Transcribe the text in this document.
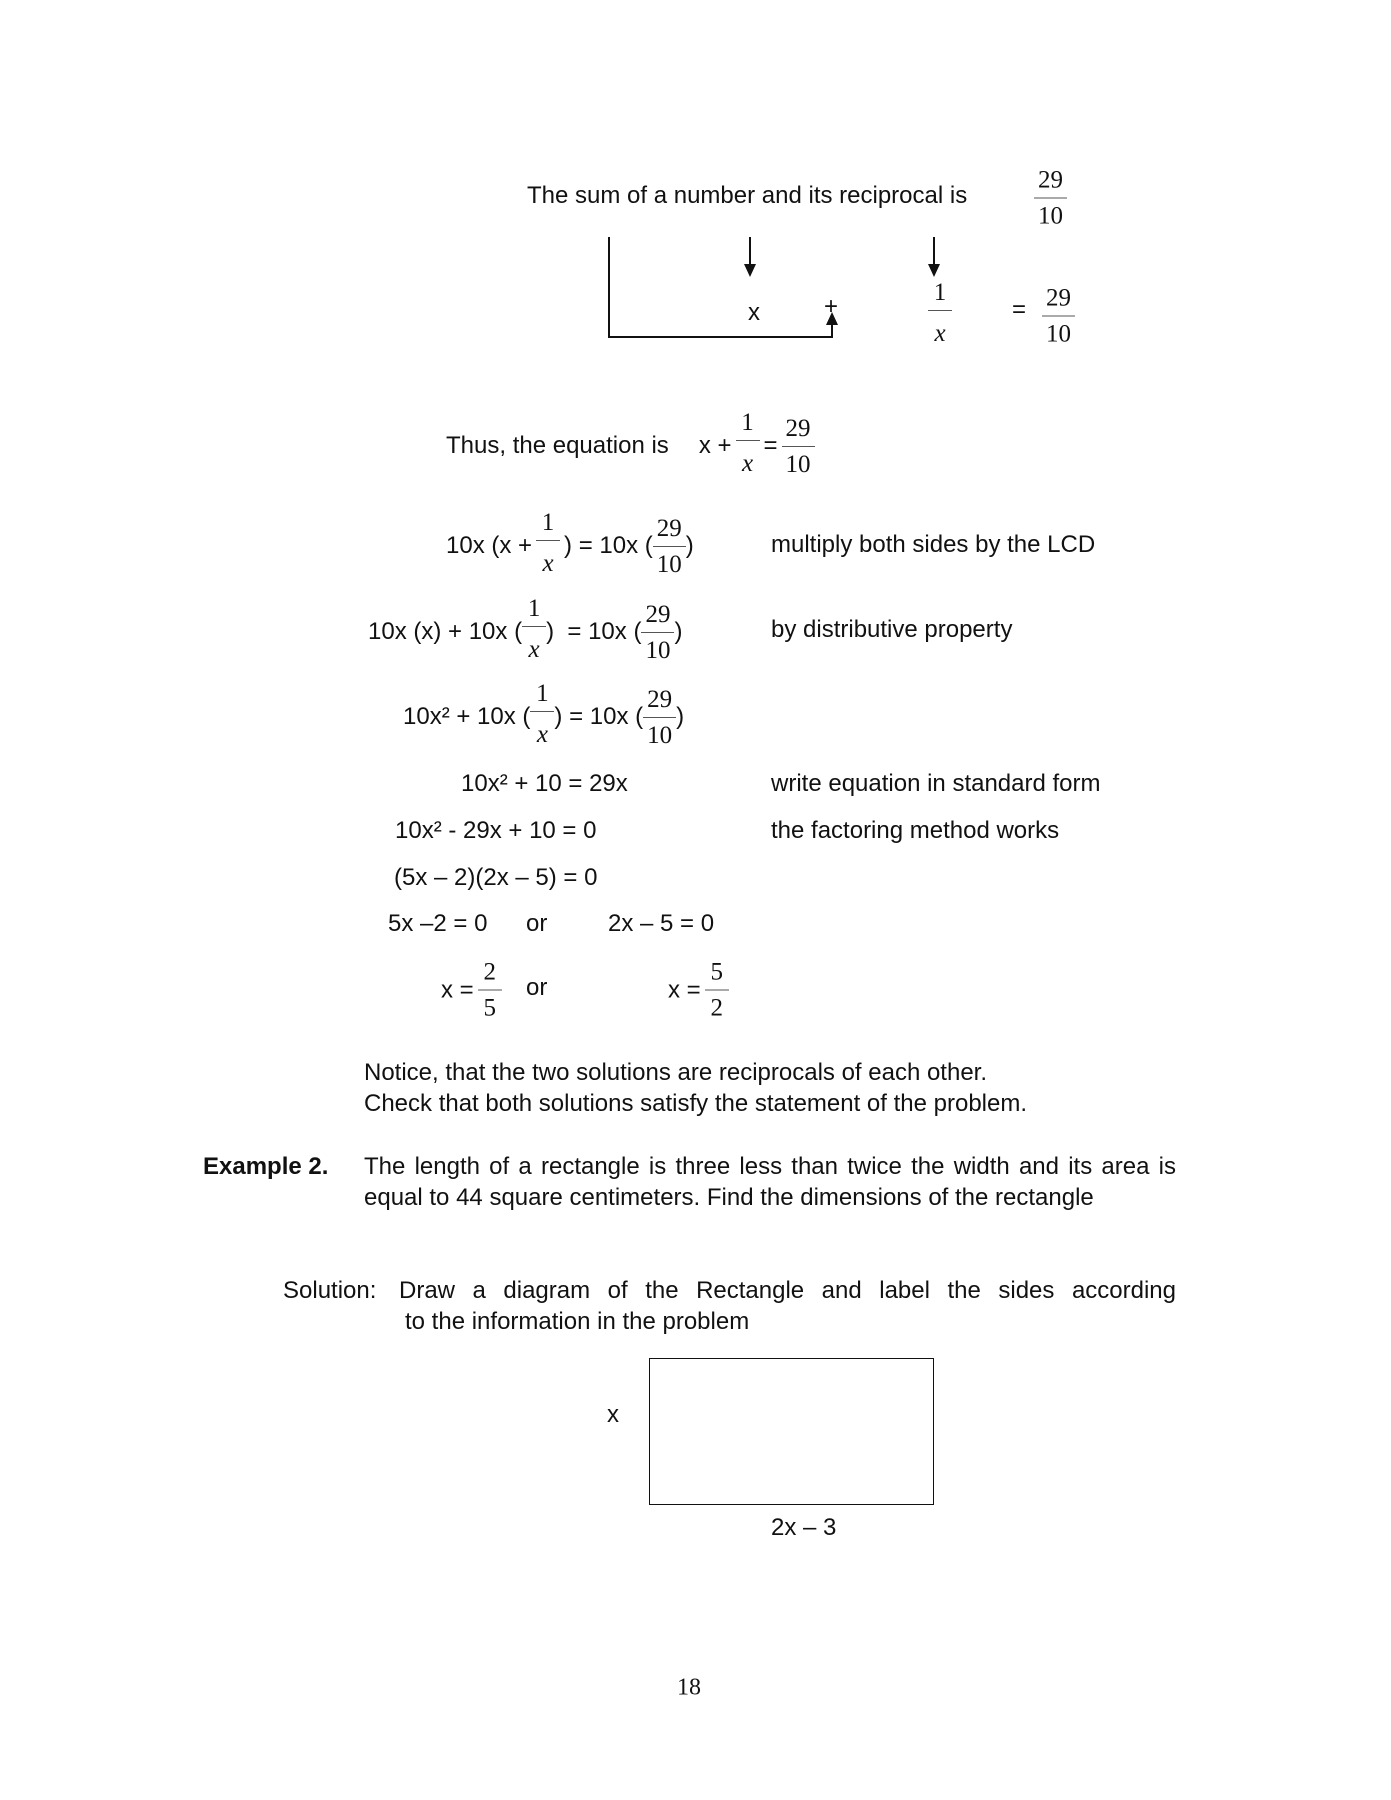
The sum of a number and its reciprocal is	$\frac{29}{10}$
x	+	$\frac{1}{x}$	= $\frac{29}{10}$
Thus, the equation is $x + \frac{1}{x} = \frac{29}{10}$
10x ($x + \frac{1}{x}$ ) = 10x ( $\frac{29}{10}$ )	multiply both sides by the LCD
10x (x) + 10x ( $\frac{1}{x}$ )  = 10x ( $\frac{29}{10}$ )	by distributive property
10x² + 10x ( $\frac{1}{x}$ ) = 10x ( $\frac{29}{10}$ )
10x² + 10 = 29x	write equation in standard form
10x² - 29x + 10 = 0	the factoring method works
(5x – 2)(2x – 5) = 0
5x –2 = 0 or	2x – 5 = 0
$x = \frac{2}{5}$ or	$x = \frac{5}{2}$
Notice, that the two solutions are reciprocals of each other.
Check that both solutions satisfy the statement of the problem.
Example 2. The length of a rectangle is three less than twice the width and its area is equal to 44 square centimeters. Find the dimensions of the rectangle
Solution: Draw a diagram of the Rectangle and label the sides according
to the information in the problem
x
2x – 3
18
